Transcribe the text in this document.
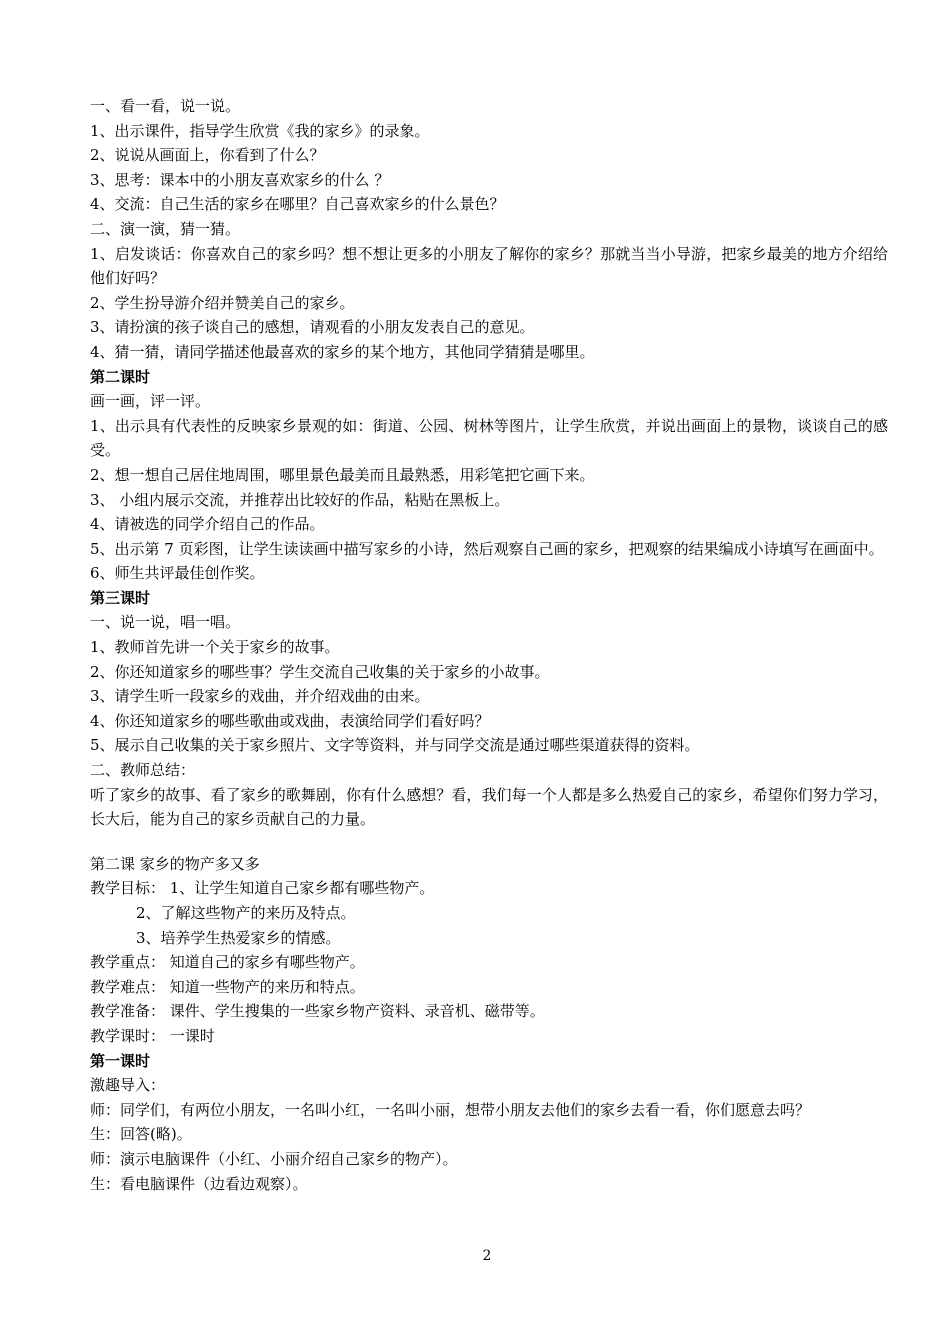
一、看一看，说一说。
1、出示课件，指导学生欣赏《我的家乡》的录象。
2、说说从画面上，你看到了什么？
3、思考：课本中的小朋友喜欢家乡的什么 ？
4、交流：自己生活的家乡在哪里？自己喜欢家乡的什么景色？
二、演一演，猜一猜。
1、启发谈话：你喜欢自己的家乡吗？想不想让更多的小朋友了解你的家乡？那就当当小导游，把家乡最美的地方介绍给他们好吗？
2、学生扮导游介绍并赞美自己的家乡。
3、请扮演的孩子谈自己的感想，请观看的小朋友发表自己的意见。
4、猜一猜，请同学描述他最喜欢的家乡的某个地方，其他同学猜猜是哪里。
第二课时
画一画，评一评。
1、出示具有代表性的反映家乡景观的如：街道、公园、树林等图片，让学生欣赏，并说出画面上的景物，谈谈自己的感受。
2、想一想自己居住地周围，哪里景色最美而且最熟悉，用彩笔把它画下来。
3、 小组内展示交流，并推荐出比较好的作品，粘贴在黑板上。
4、请被选的同学介绍自己的作品。
5、出示第 7 页彩图，让学生读读画中描写家乡的小诗，然后观察自己画的家乡，把观察的结果编成小诗填写在画面中。
6、师生共评最佳创作奖。
第三课时
一、说一说，唱一唱。
1、教师首先讲一个关于家乡的故事。
2、你还知道家乡的哪些事？学生交流自己收集的关于家乡的小故事。
3、请学生听一段家乡的戏曲，并介绍戏曲的由来。
4、你还知道家乡的哪些歌曲或戏曲，表演给同学们看好吗？
5、展示自己收集的关于家乡照片、文字等资料，并与同学交流是通过哪些渠道获得的资料。
二、教师总结：
听了家乡的故事、看了家乡的歌舞剧，你有什么感想？看，我们每一个人都是多么热爱自己的家乡，希望你们努力学习，长大后，能为自己的家乡贡献自己的力量。
第二课 家乡的物产多又多
教学目标： 1、让学生知道自己家乡都有哪些物产。
2、了解这些物产的来历及特点。
3、培养学生热爱家乡的情感。
教学重点： 知道自己的家乡有哪些物产。
教学难点： 知道一些物产的来历和特点。
教学准备： 课件、学生搜集的一些家乡物产资料、录音机、磁带等。
教学课时： 一课时
第一课时
激趣导入：
师：同学们，有两位小朋友，一名叫小红，一名叫小丽，想带小朋友去他们的家乡去看一看，你们愿意去吗？
生：回答(略)。
师：演示电脑课件（小红、小丽介绍自己家乡的物产）。
生：看电脑课件（边看边观察）。
2
